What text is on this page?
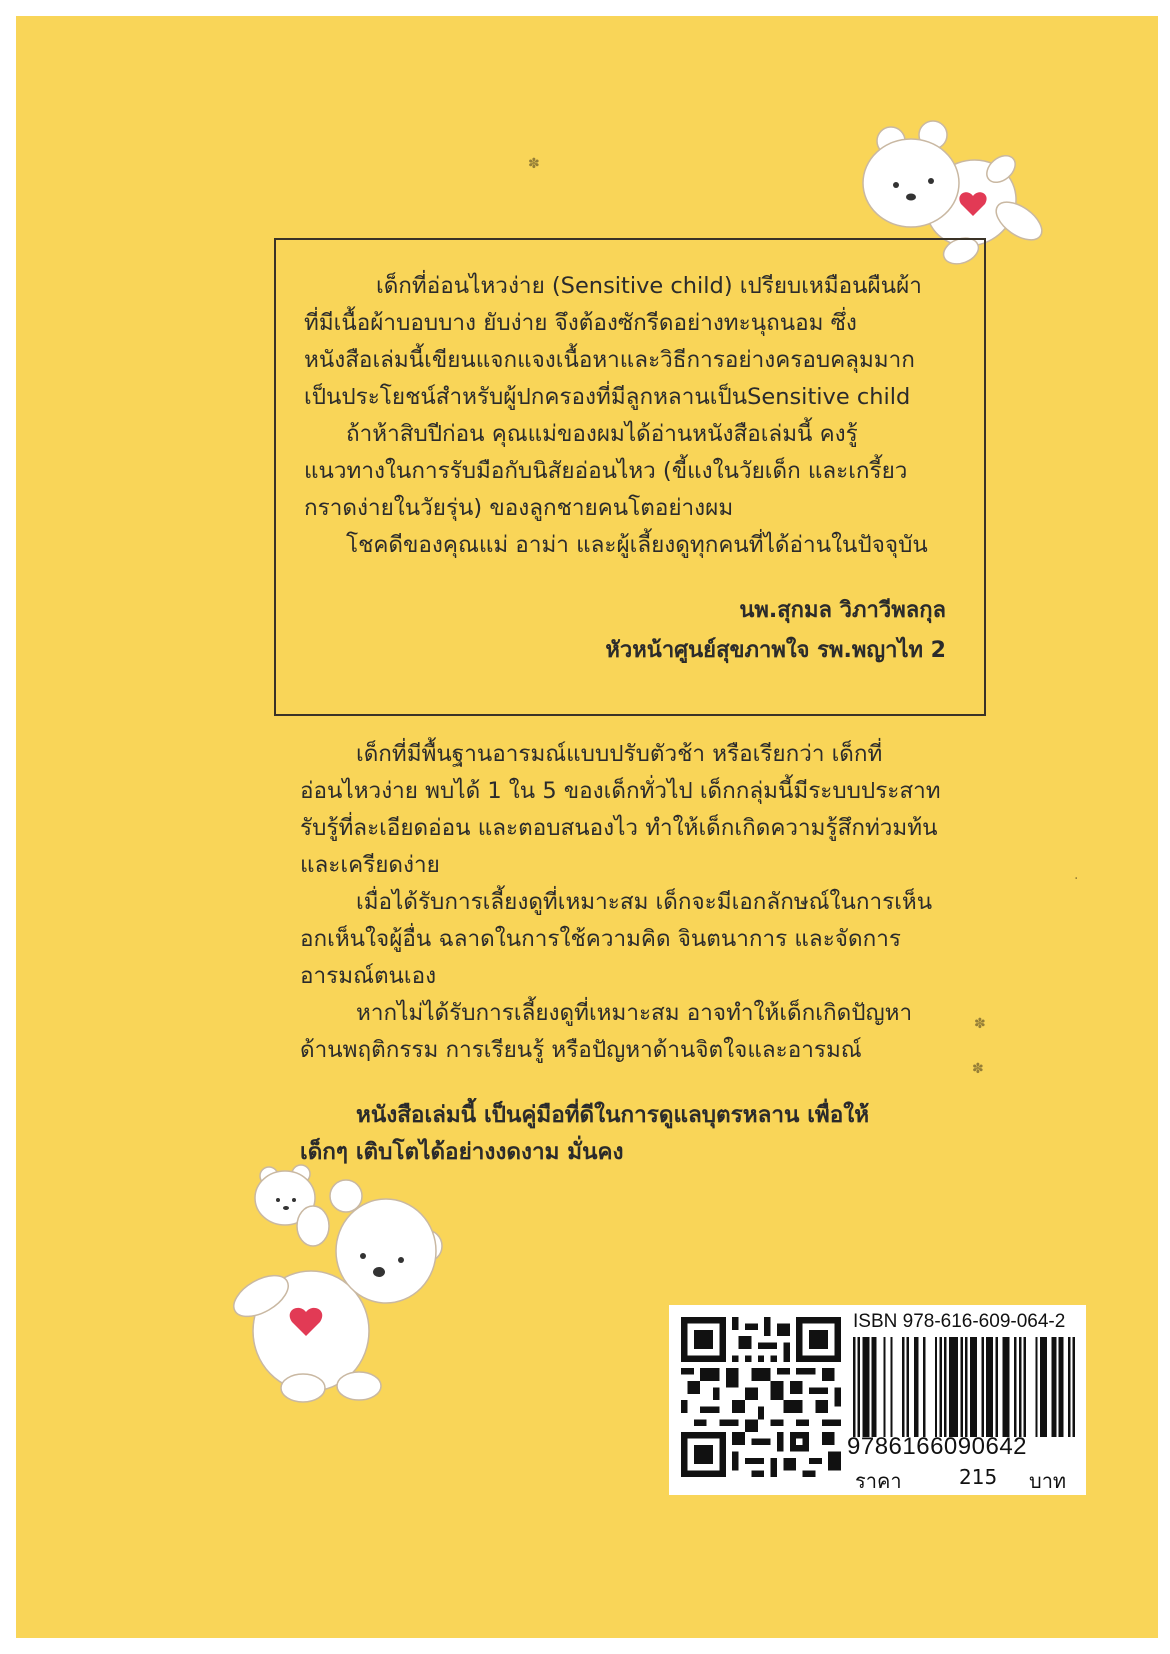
✽

เด็กที่อ่อนไหวง่าย (Sensitive child) เปรียบเหมือนผืนผ้า

ที่มีเนื้อผ้าบอบบาง ยับง่าย จึงต้องซักรีดอย่างทะนุถนอม ซึ่ง

หนังสือเล่มนี้เขียนแจกแจงเนื้อหาและวิธีการอย่างครอบคลุมมาก

เป็นประโยชน์สำหรับผู้ปกครองที่มีลูกหลานเป็นSensitive child

ถ้าห้าสิบปีก่อน คุณแม่ของผมได้อ่านหนังสือเล่มนี้ คงรู้

แนวทางในการรับมือกับนิสัยอ่อนไหว (ขี้แงในวัยเด็ก และเกรี้ยว

กราดง่ายในวัยรุ่น) ของลูกชายคนโตอย่างผม

โชคดีของคุณแม่ อาม่า และผู้เลี้ยงดูทุกคนที่ได้อ่านในปัจจุบัน

นพ.สุกมล วิภาวีพลกุล

หัวหน้าศูนย์สุขภาพใจ รพ.พญาไท 2

เด็กที่มีพื้นฐานอารมณ์แบบปรับตัวช้า หรือเรียกว่า เด็กที่

อ่อนไหวง่าย พบได้ 1 ใน 5 ของเด็กทั่วไป เด็กกลุ่มนี้มีระบบประสาท

รับรู้ที่ละเอียดอ่อน และตอบสนองไว ทำให้เด็กเกิดความรู้สึกท่วมท้น

และเครียดง่าย

เมื่อได้รับการเลี้ยงดูที่เหมาะสม เด็กจะมีเอกลักษณ์ในการเห็น

อกเห็นใจผู้อื่น ฉลาดในการใช้ความคิด จินตนาการ และจัดการ

อารมณ์ตนเอง

หากไม่ได้รับการเลี้ยงดูที่เหมาะสม อาจทำให้เด็กเกิดปัญหา

ด้านพฤติกรรม การเรียนรู้ หรือปัญหาด้านจิตใจและอารมณ์

หนังสือเล่มนี้ เป็นคู่มือที่ดีในการดูแลบุตรหลาน เพื่อให้

เด็กๆ เติบโตได้อย่างงดงาม มั่นคง

✽
✽
·
ISBN 978-616-609-064-2
9786166090642
ราคา	215 บาท
